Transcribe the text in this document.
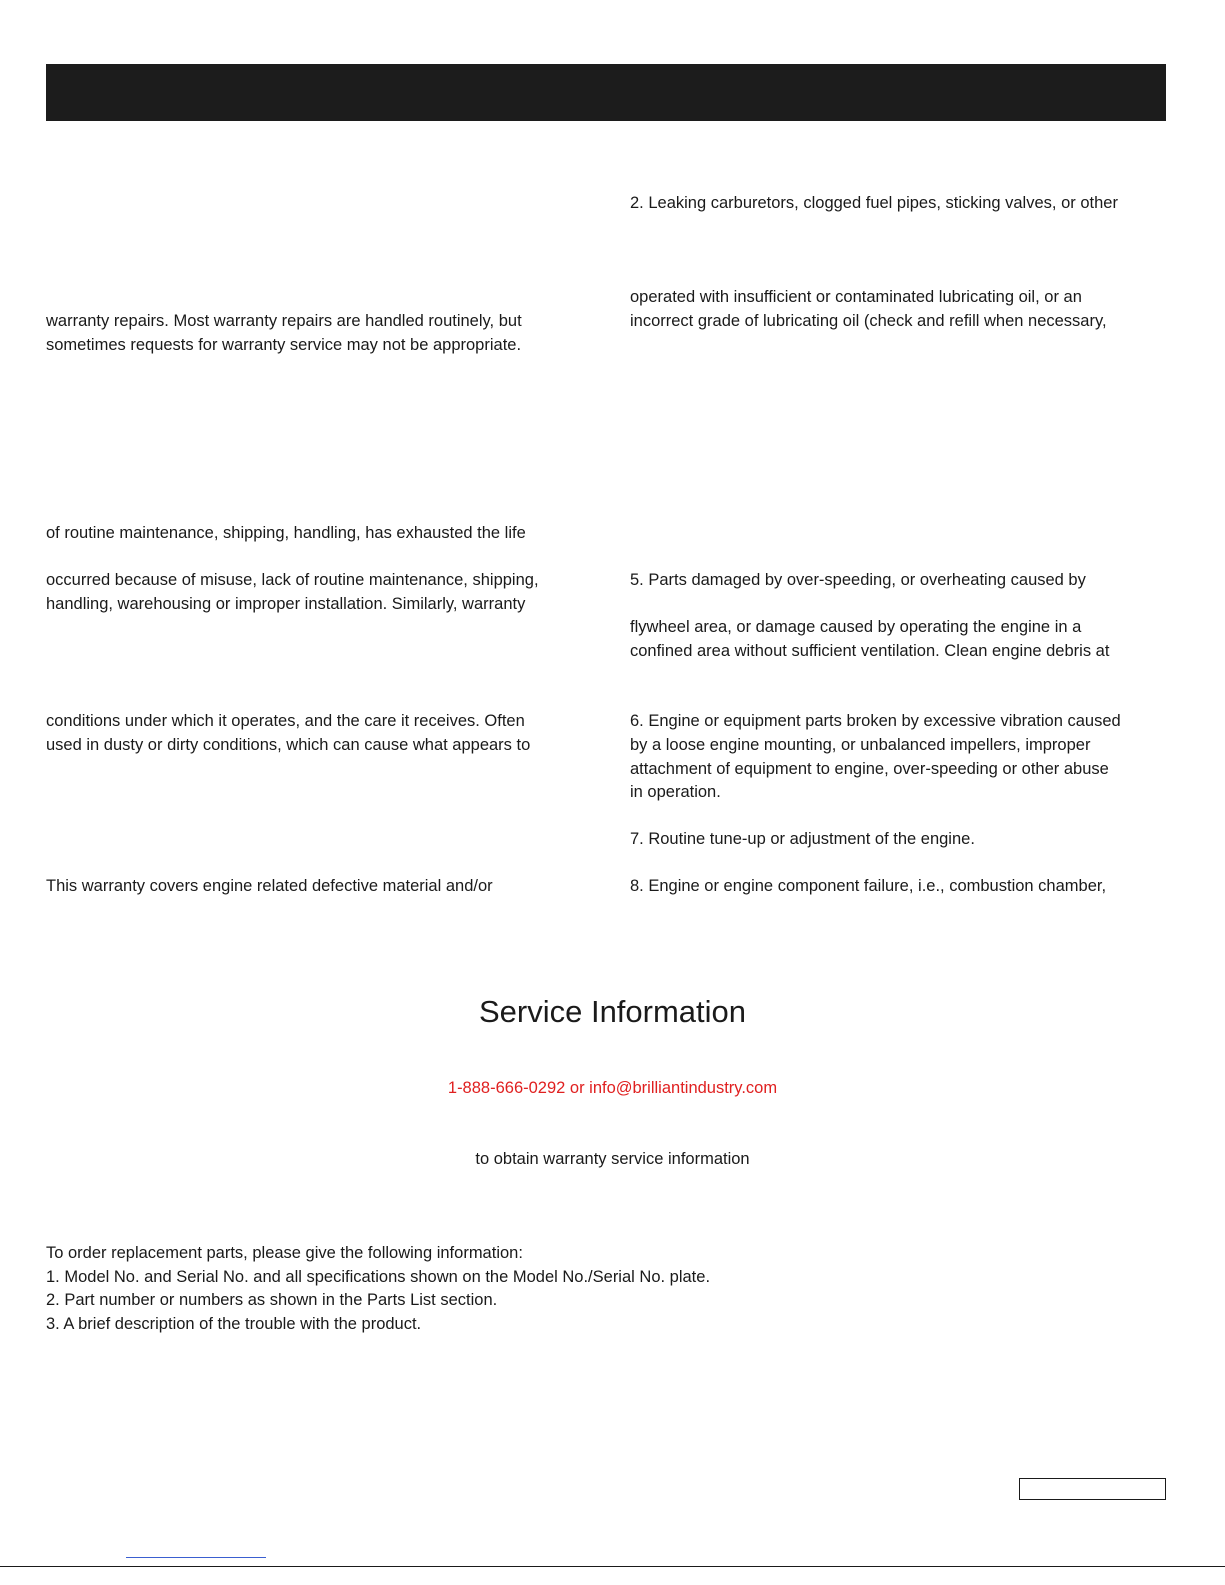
warranty repairs. Most warranty repairs are handled routinely, but

sometimes requests for warranty service may not be appropriate.

of routine maintenance, shipping, handling, has exhausted the life

occurred because of misuse, lack of routine maintenance, shipping,

handling, warehousing or improper installation. Similarly, warranty

conditions under which it operates, and the care it receives. Often

used in dusty or dirty conditions, which can cause what appears to

This warranty covers engine related defective material and/or

2. Leaking carburetors, clogged fuel pipes, sticking valves, or other

operated with insufficient or contaminated lubricating oil, or an

incorrect grade of lubricating oil (check and refill when necessary,

5. Parts damaged by over-speeding, or overheating caused by

flywheel area, or damage caused by operating the engine in a

confined area without sufficient ventilation. Clean engine debris at

6. Engine or equipment parts broken by excessive vibration caused

by a loose engine mounting, or unbalanced impellers, improper

attachment of equipment to engine, over-speeding or other abuse

in operation.

7. Routine tune-up or adjustment of the engine.

8. Engine or engine component failure, i.e., combustion chamber,

Service Information

1-888-666-0292 or info@brilliantindustry.com

to obtain warranty service information

To order replacement parts, please give the following information:

1. Model No. and Serial No. and all specifications shown on the Model No./Serial No. plate.

2. Part number or numbers as shown in the Parts List section.

3. A brief description of the trouble with the product.
